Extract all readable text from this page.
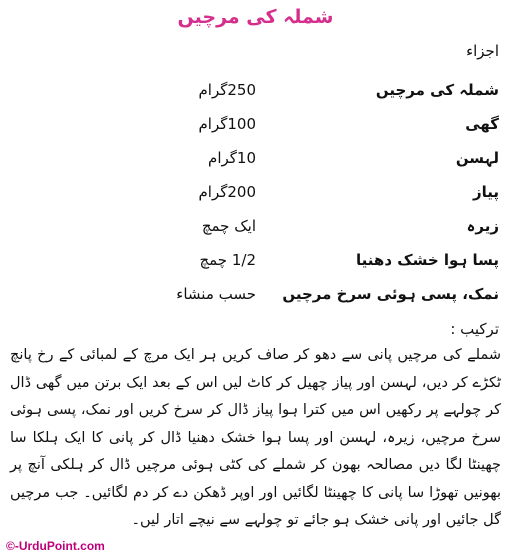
شملہ کی مرچیں
اجزاء
شملہ کی مرچیں
250گرام
گھی
100گرام
لہسن
10گرام
پیاز
200گرام
زیرہ
ایک چمچ
پسا ہوا خشک دھنیا
1/2 چمچ
نمک، پسی ہوئی سرخ مرچیں
حسب منشاء
ترکیب :
شملے کی مرچیں پانی سے دھو کر صاف کریں ہر ایک مرچ کے لمبائی کے رخ پانچ ٹکڑے کر دیں، لہسن اور پیاز چھیل کر کاٹ لیں اس کے بعد ایک برتن میں گھی ڈال کر چولہے پر رکھیں اس میں کترا ہوا پیاز ڈال کر سرخ کریں اور نمک، پسی ہوئی سرخ مرچیں، زیرہ، لہسن اور پسا ہوا خشک دھنیا ڈال کر پانی کا ایک ہلکا سا چھینٹا لگا دیں مصالحہ بھون کر شملے کی کٹی ہوئی مرچیں ڈال کر ہلکی آنچ پر بھونیں تھوڑا سا پانی کا چھینٹا لگائیں اور اوپر ڈھکن دے کر دم لگائیں۔ جب مرچیں گل جائیں اور پانی خشک ہو جائے تو چولہے سے نیچے اتار لیں۔
©-UrduPoint.com
